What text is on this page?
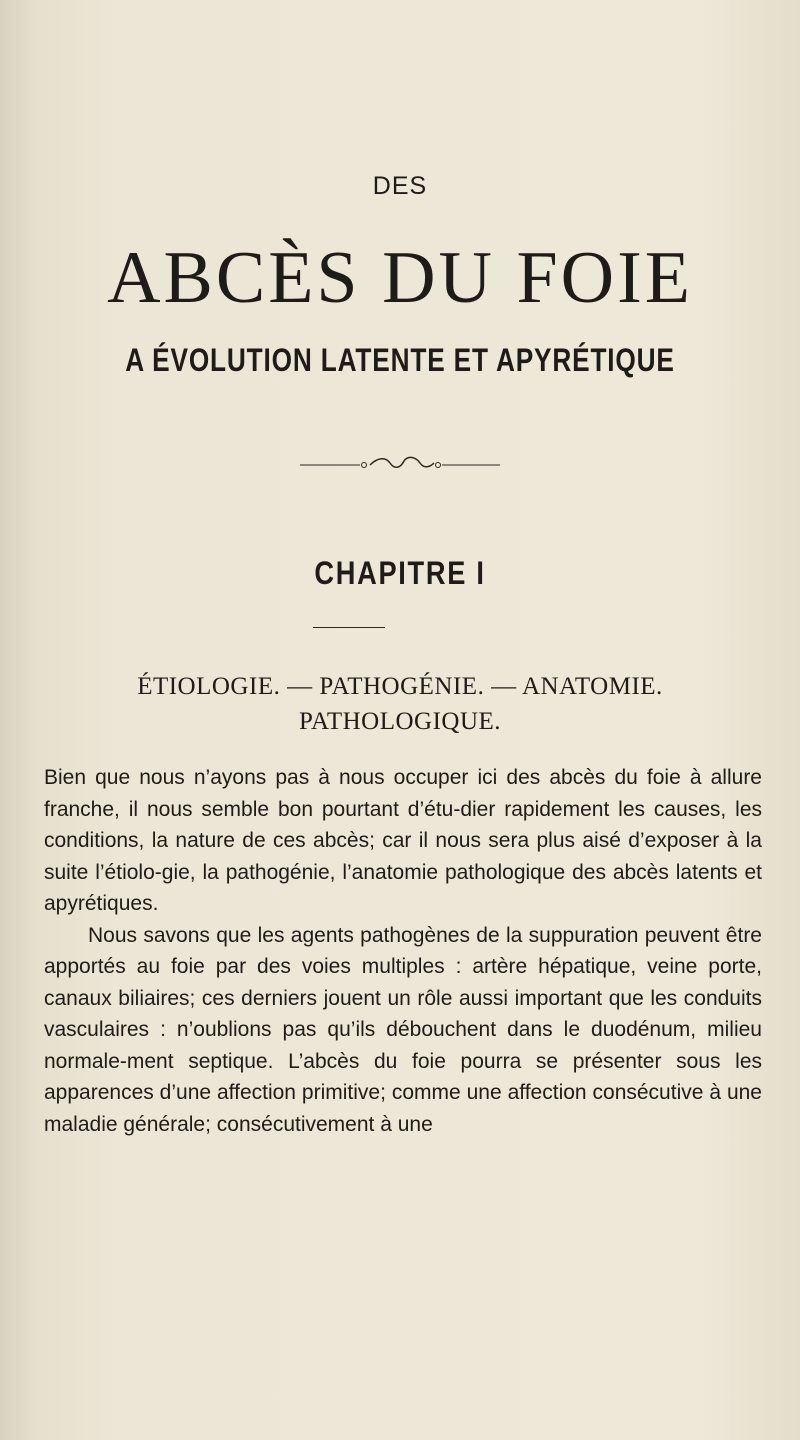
DES
ABCÈS DU FOIE
A ÉVOLUTION LATENTE ET APYRÉTIQUE
CHAPITRE I
ÉTIOLOGIE. — PATHOGÉNIE. — ANATOMIE.
PATHOLOGIQUE.

Bien que nous n’ayons pas à nous occuper ici des abcès du foie à allure franche, il nous semble bon pourtant d’étu-dier rapidement les causes, les conditions, la nature de ces abcès; car il nous sera plus aisé d’exposer à la suite l’étiolo-gie, la pathogénie, l’anatomie pathologique des abcès latents et apyrétiques.

Nous savons que les agents pathogènes de la suppuration peuvent être apportés au foie par des voies multiples : artère hépatique, veine porte, canaux biliaires; ces derniers jouent un rôle aussi important que les conduits vasculaires : n’oublions pas qu’ils débouchent dans le duodénum, milieu normale-ment septique. L’abcès du foie pourra se présenter sous les apparences d’une affection primitive; comme une affection consécutive à une maladie générale; consécutivement à une
